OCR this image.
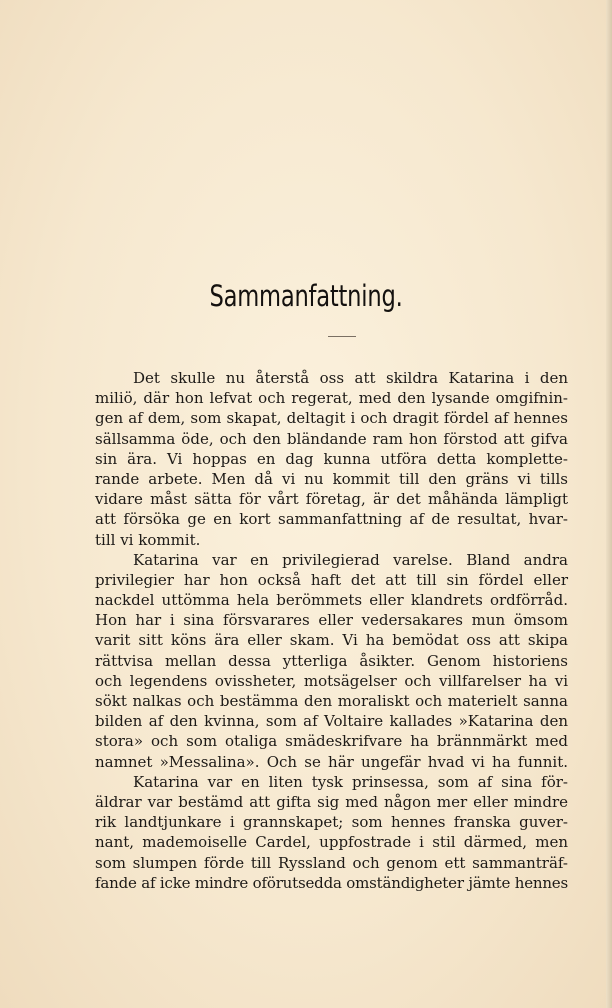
Sammanfattning.
Det skulle nu återstå oss att skildra Katarina i den
miliö, där hon lefvat och regerat, med den lysande omgifnin-
gen af dem, som skapat, deltagit i och dragit fördel af hennes
sällsamma öde, och den bländande ram hon förstod att gifva
sin ära. Vi hoppas en dag kunna utföra detta komplette-
rande arbete. Men då vi nu kommit till den gräns vi tills
vidare måst sätta för vårt företag, är det måhända lämpligt
att försöka ge en kort sammanfattning af de resultat, hvar-
till vi kommit.
Katarina var en privilegierad varelse. Bland andra
privilegier har hon också haft det att till sin fördel eller
nackdel uttömma hela berömmets eller klandrets ordförråd.
Hon har i sina försvarares eller vedersakares mun ömsom
varit sitt köns ära eller skam. Vi ha bemödat oss att skipa
rättvisa mellan dessa ytterliga åsikter. Genom historiens
och legendens ovissheter, motsägelser och villfarelser ha vi
sökt nalkas och bestämma den moraliskt och materielt sanna
bilden af den kvinna, som af Voltaire kallades »Katarina den
stora» och som otaliga smädeskrifvare ha brännmärkt med
namnet »Messalina». Och se här ungefär hvad vi ha funnit.
Katarina var en liten tysk prinsessa, som af sina för-
äldrar var bestämd att gifta sig med någon mer eller mindre
rik landtjunkare i grannskapet; som hennes franska guver-
nant, mademoiselle Cardel, uppfostrade i stil därmed, men
som slumpen förde till Ryssland och genom ett sammanträf-
fande af icke mindre oförutsedda omständigheter jämte hennes
